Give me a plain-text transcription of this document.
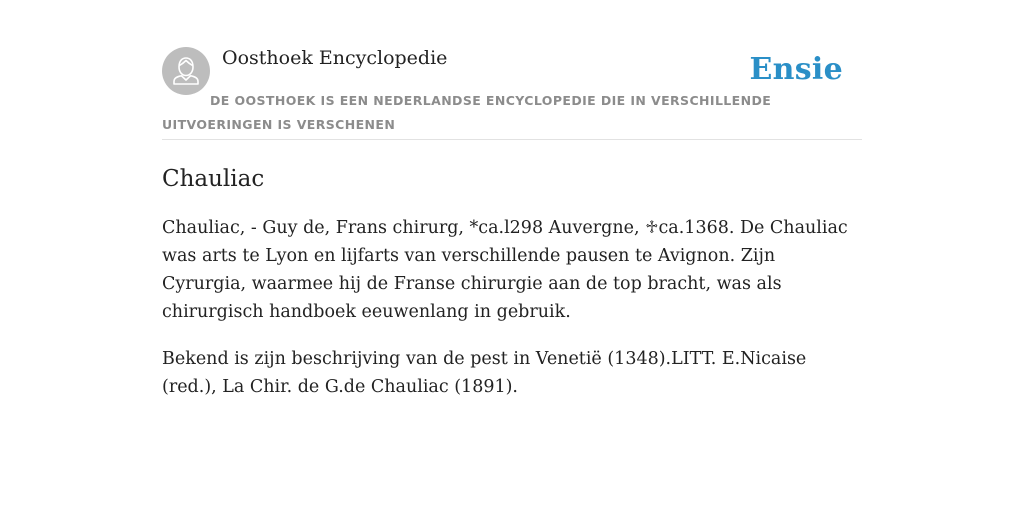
Oosthoek Encyclopedie	Ensie

DE OOSTHOEK IS EEN NEDERLANDSE ENCYCLOPEDIE DIE IN VERSCHILLENDE UITVOERINGEN IS VERSCHENEN

Chauliac

Chauliac, - Guy de, Frans chirurg, *ca.l298 Auvergne, ♱ca.1368. De Chauliac was arts te Lyon en lijfarts van verschillende pausen te Avignon. Zijn Cyrurgia, waarmee hij de Franse chirurgie aan de top bracht, was als chirurgisch handboek eeuwenlang in gebruik.

Bekend is zijn beschrijving van de pest in Venetië (1348).LITT. E.Nicaise (red.), La Chir. de G.de Chauliac (1891).
